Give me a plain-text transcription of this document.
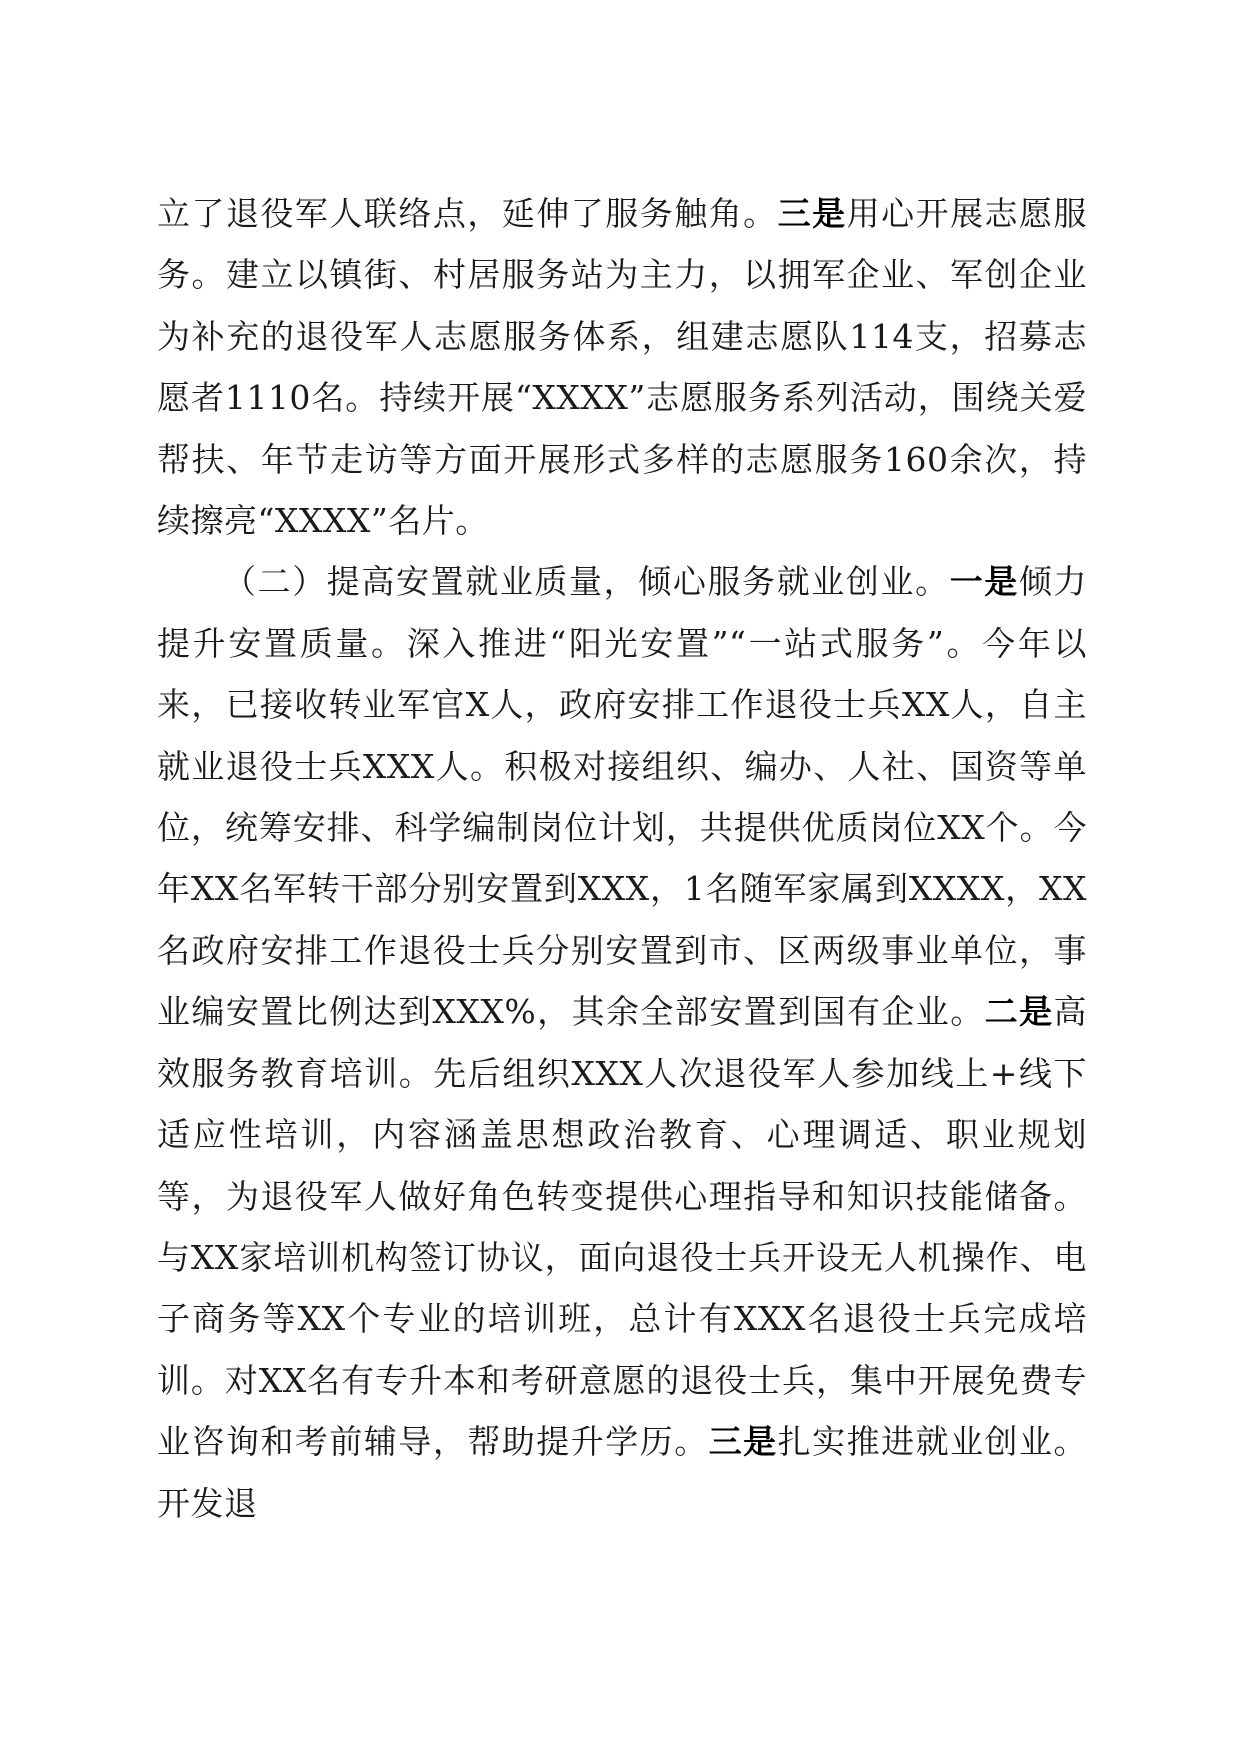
立了退役军人联络点，延伸了服务触角。三是用心开展志愿服务。建立以镇街、村居服务站为主力，以拥军企业、军创企业为补充的退役军人志愿服务体系，组建志愿队114支，招募志愿者1110名。持续开展“XXXX”志愿服务系列活动，围绕关爱帮扶、年节走访等方面开展形式多样的志愿服务160余次，持续擦亮“XXXX”名片。

（二）提高安置就业质量，倾心服务就业创业。一是倾力提升安置质量。深入推进“阳光安置”“一站式服务”。今年以来，已接收转业军官X人，政府安排工作退役士兵XX人，自主就业退役士兵XXX人。积极对接组织、编办、人社、国资等单位，统筹安排、科学编制岗位计划，共提供优质岗位XX个。今年XX名军转干部分别安置到XXX，1名随军家属到XXXX，XX名政府安排工作退役士兵分别安置到市、区两级事业单位，事业编安置比例达到XXX%，其余全部安置到国有企业。二是高效服务教育培训。先后组织XXX人次退役军人参加线上+线下适应性培训，内容涵盖思想政治教育、心理调适、职业规划等，为退役军人做好角色转变提供心理指导和知识技能储备。与XX家培训机构签订协议，面向退役士兵开设无人机操作、电子商务等XX个专业的培训班，总计有XXX名退役士兵完成培训。对XX名有专升本和考研意愿的退役士兵，集中开展免费专业咨询和考前辅导，帮助提升学历。三是扎实推进就业创业。开发退
